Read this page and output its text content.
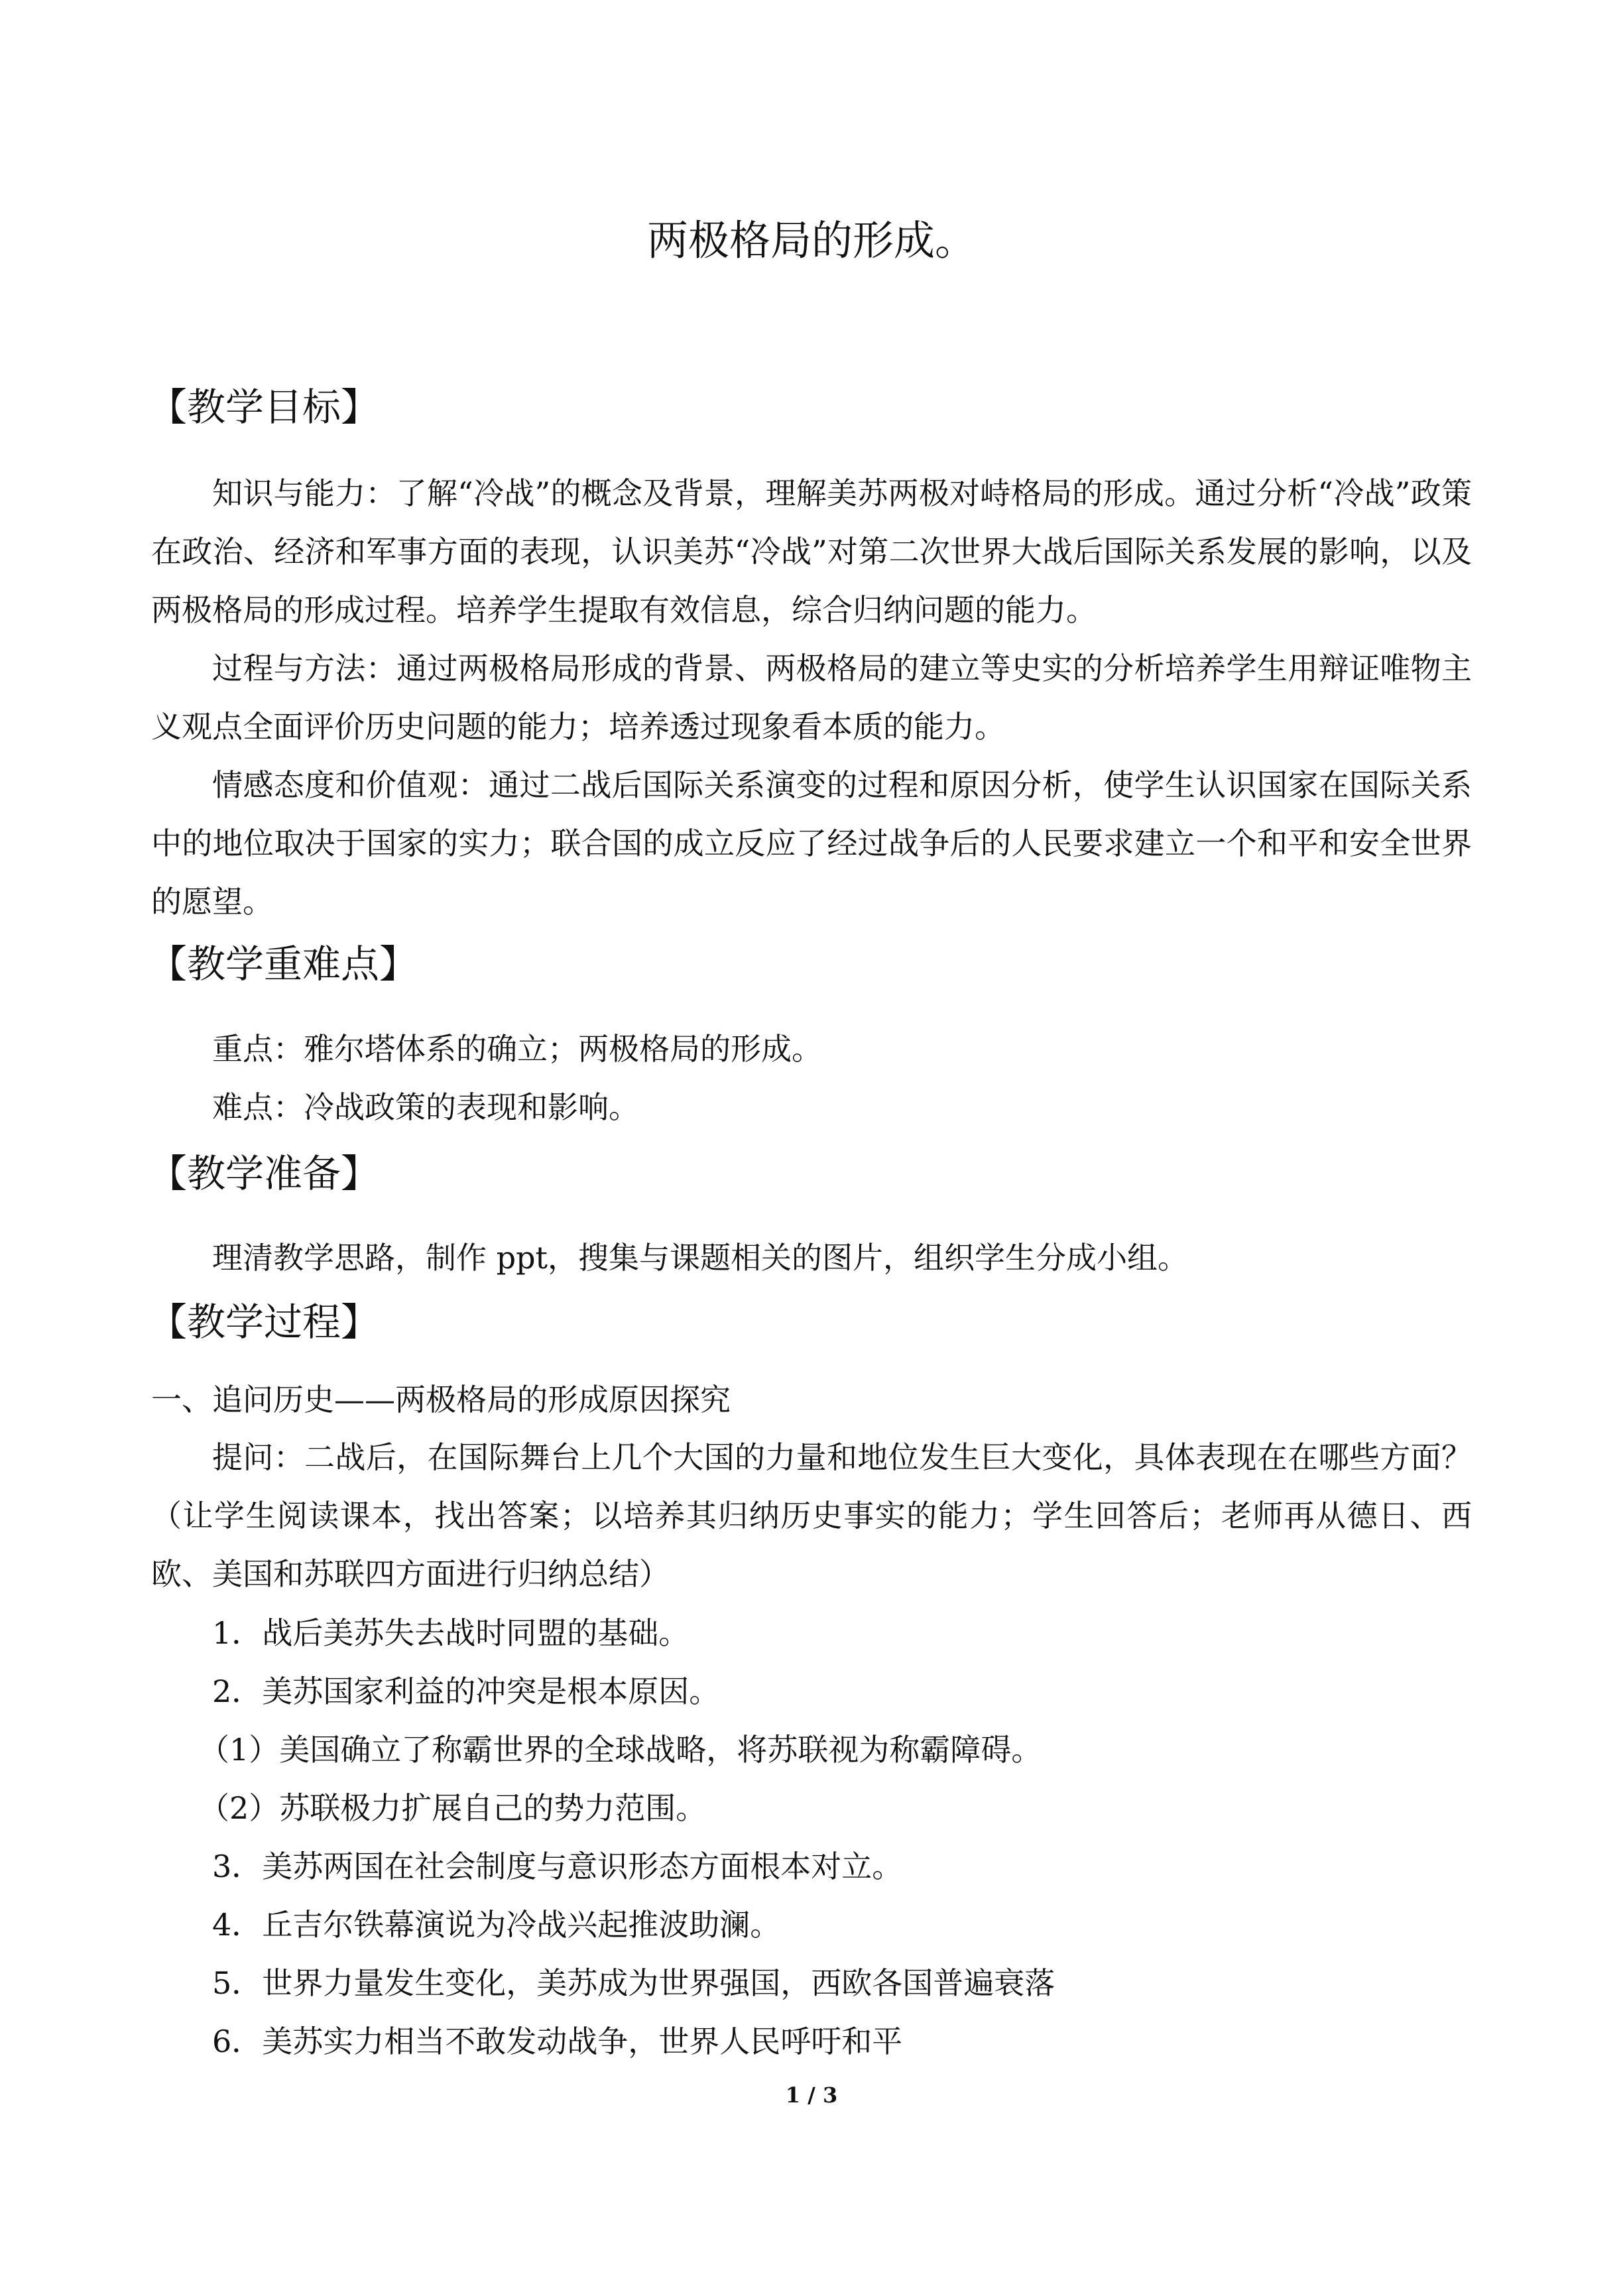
两极格局的形成。
【教学目标】

知识与能力：了解“冷战”的概念及背景，理解美苏两极对峙格局的形成。通过分析“冷战”政策在政治、经济和军事方面的表现，认识美苏“冷战”对第二次世界大战后国际关系发展的影响，以及两极格局的形成过程。培养学生提取有效信息，综合归纳问题的能力。

过程与方法：通过两极格局形成的背景、两极格局的建立等史实的分析培养学生用辩证唯物主义观点全面评价历史问题的能力；培养透过现象看本质的能力。

情感态度和价值观：通过二战后国际关系演变的过程和原因分析，使学生认识国家在国际关系中的地位取决于国家的实力；联合国的成立反应了经过战争后的人民要求建立一个和平和安全世界的愿望。

【教学重难点】
重点：雅尔塔体系的确立；两极格局的形成。
难点：冷战政策的表现和影响。
【教学准备】
理清教学思路，制作 ppt，搜集与课题相关的图片，组织学生分成小组。
【教学过程】
一、追问历史——两极格局的形成原因探究

提问：二战后，在国际舞台上几个大国的力量和地位发生巨大变化，具体表现在在哪些方面？（让学生阅读课本，找出答案；以培养其归纳历史事实的能力；学生回答后；老师再从德日、西欧、美国和苏联四方面进行归纳总结）

1．战后美苏失去战时同盟的基础。
2．美苏国家利益的冲突是根本原因。
（1）美国确立了称霸世界的全球战略，将苏联视为称霸障碍。
（2）苏联极力扩展自己的势力范围。
3．美苏两国在社会制度与意识形态方面根本对立。
4．丘吉尔铁幕演说为冷战兴起推波助澜。
5．世界力量发生变化，美苏成为世界强国，西欧各国普遍衰落
6．美苏实力相当不敢发动战争，世界人民呼吁和平
1 / 3
